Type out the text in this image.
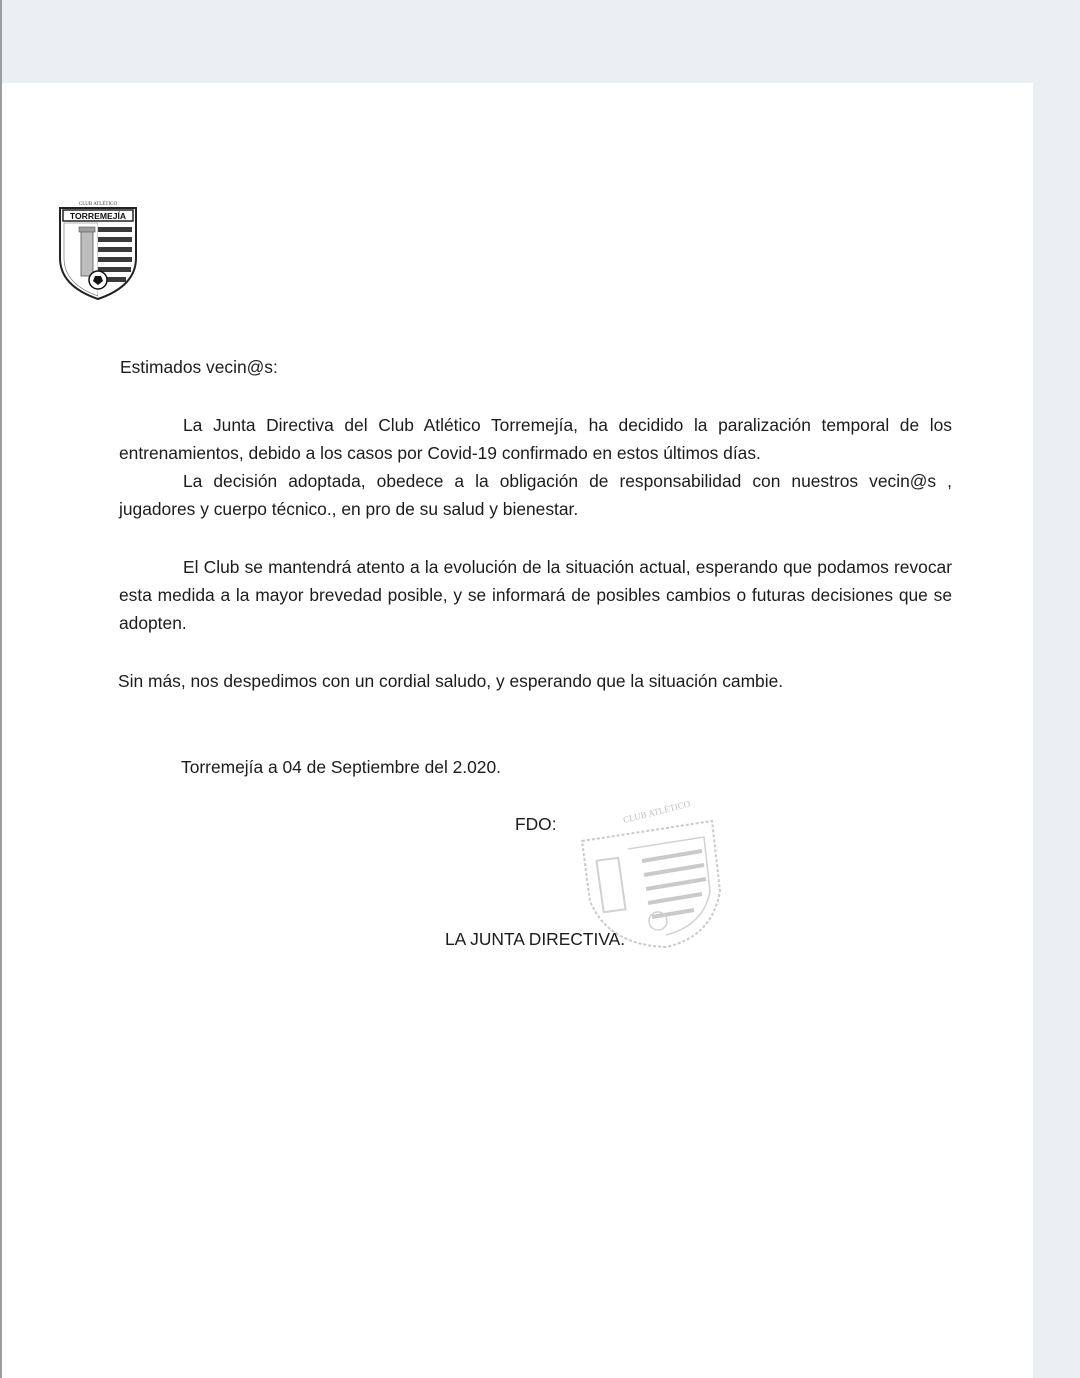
CLUB ATLÉTICO
TORREMEJÍA
Estimados vecin@s:
La Junta Directiva del Club Atlético Torremejía, ha decidido la paralización temporal de los entrenamientos, debido a los casos por Covid-19 confirmado en estos últimos días.
La decisión adoptada, obedece a la obligación de responsabilidad con nuestros vecin@s , jugadores y cuerpo técnico., en pro de su salud y bienestar.
El Club se mantendrá atento a la evolución de la situación actual, esperando que podamos revocar esta medida a la mayor brevedad posible, y se informará de posibles cambios o futuras decisiones que se adopten.
Sin más, nos despedimos con un cordial saludo, y esperando que la situación cambie.
Torremejía a 04 de Septiembre del 2.020.
FDO:	CLUB ATLÉTICO
LA JUNTA DIRECTIVA.
